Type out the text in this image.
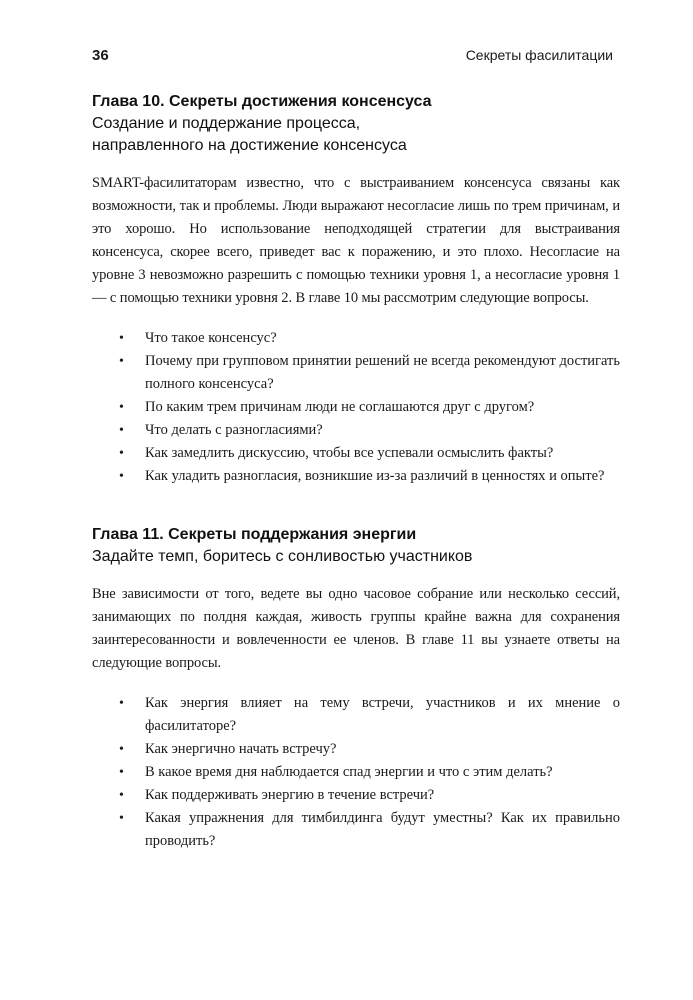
36	Секреты фасилитации
Глава 10. Секреты достижения консенсуса
Создание и поддержание процесса,
направленного на достижение консенсуса

SMART-фасилитаторам известно, что с выстраиванием консенсуса связаны как возможности, так и проблемы. Люди выражают несогласие лишь по трем причинам, и это хорошо. Но использование неподходящей стратегии для выстраивания консенсуса, скорее всего, приведет вас к поражению, и это плохо. Несогласие на уровне 3 невозможно разрешить с помощью техники уровня 1, а несогласие уровня 1 — с помощью техники уровня 2. В главе 10 мы рассмотрим следующие вопросы.

• Что такое консенсус?
• Почему при групповом принятии решений не всегда рекомендуют достигать полного консенсуса?
• По каким трем причинам люди не соглашаются друг с другом?
• Что делать с разногласиями?
• Как замедлить дискуссию, чтобы все успевали осмыслить факты?
• Как уладить разногласия, возникшие из-за различий в ценностях и опыте?
Глава 11. Секреты поддержания энергии
Задайте темп, боритесь с сонливостью участников

Вне зависимости от того, ведете вы одно часовое собрание или несколько сессий, занимающих по полдня каждая, живость группы крайне важна для сохранения заинтересованности и вовлеченности ее членов. В главе 11 вы узнаете ответы на следующие вопросы.

• Как энергия влияет на тему встречи, участников и их мнение о фасилитаторе?
• Как энергично начать встречу?
• В какое время дня наблюдается спад энергии и что с этим делать?
• Как поддерживать энергию в течение встречи?
• Какая упражнения для тимбилдинга будут уместны? Как их правильно проводить?
